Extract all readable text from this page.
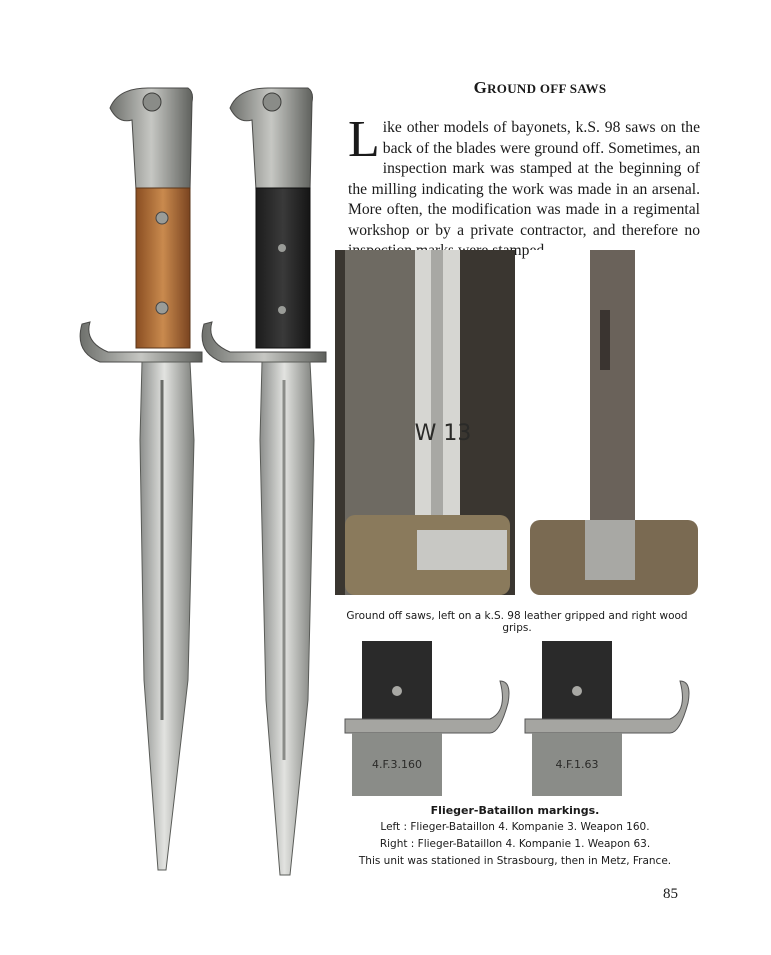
GROUND OFF SAWS
Like other models of bayonets, k.S. 98 saws on the back of the blades were ground off. Sometimes, an inspection mark was stamped at the beginning of the milling indicating the work was made in an arsenal. More often, the modification was made in a regimental workshop or by a private contractor, and therefore no stamped.
W 13
Ground off saws, left on a k.S. 98 leather gripped and right wood grips.
4.F.3.160	4.F.1.63
Flieger-Bataillon markings.
Left : Flieger-Bataillon 4. Kompanie 3. Weapon 160.
Right : Flieger-Bataillon 4. Kompanie 1. Weapon 63.
This unit was stationed in Strasbourg, then in Metz, France.
85
